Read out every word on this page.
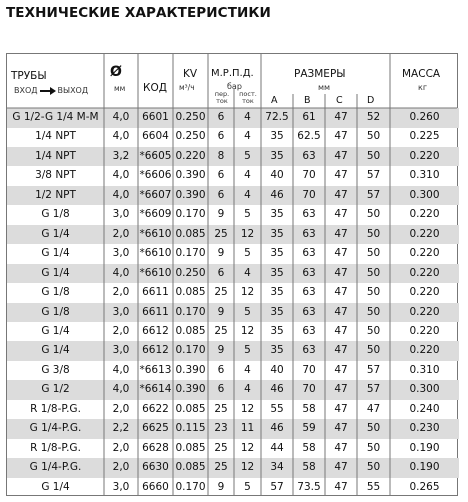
ТЕХНИЧЕСКИЕ ХАРАКТЕРИСТИКИ
G 1/2-G 1/4 M-M	4,0	6601 0.250	6	4	72.5	61	47	52	0.260
1/4 NPT	4,0	6604 0.250	6	4	35	62.5	47	50	0.225
1/4 NPT	3,2 *6605 0.220	8	5	35	63	47	50	0.220
3/8 NPT	4,0 *6606 0.390	6	4	40	70	47	57	0.310
1/2 NPT	4,0 *6607 0.390	6	4	46	70	47	57	0.300
G 1/8	3,0 *6609 0.170	9	5	35	63	47	50	0.220
G 1/4	2,0 *6610 0.085 25	12	35	63	47	50	0.220
G 1/4	3,0 *6610 0.170	9	5	35	63	47	50	0.220
G 1/4	4,0 *6610 0.250	6	4	35	63	47	50	0.220
G 1/8	2,0	6611 0.085 25	12	35	63	47	50	0.220
G 1/8	3,0	6611 0.170	9	5	35	63	47	50	0.220
G 1/4	2,0	6612 0.085 25	12	35	63	47	50	0.220
G 1/4	3,0	6612 0.170	9	5	35	63	47	50	0.220
G 3/8	4,0 *6613 0.390	6	4	40	70	47	57	0.310
G 1/2	4,0 *6614 0.390	6	4	46	70	47	57	0.300
R 1/8-P.G.	2,0	6622 0.085 25	12	55	58	47	47	0.240
G 1/4-P.G.	2,2	6625 0.115 23	11	46	59	47	50	0.230
R 1/8-P.G.	2,0	6628 0.085 25	12	44	58	47	50	0.190
G 1/4-P.G.	2,0	6630 0.085 25	12	34	58	47	50	0.190
G 1/4	3,0	6660 0.170	9	5	57	73.5	47	55	0.265
ТРУБЫ
ВХОД	ВЫХОД
Ø
мм КОД
KV
м³/ч
М.Р.П.Д.
бар
пер. ток
пост. ток
РАЗМЕРЫ
мм
A	B	C	D
МАССА
кг
